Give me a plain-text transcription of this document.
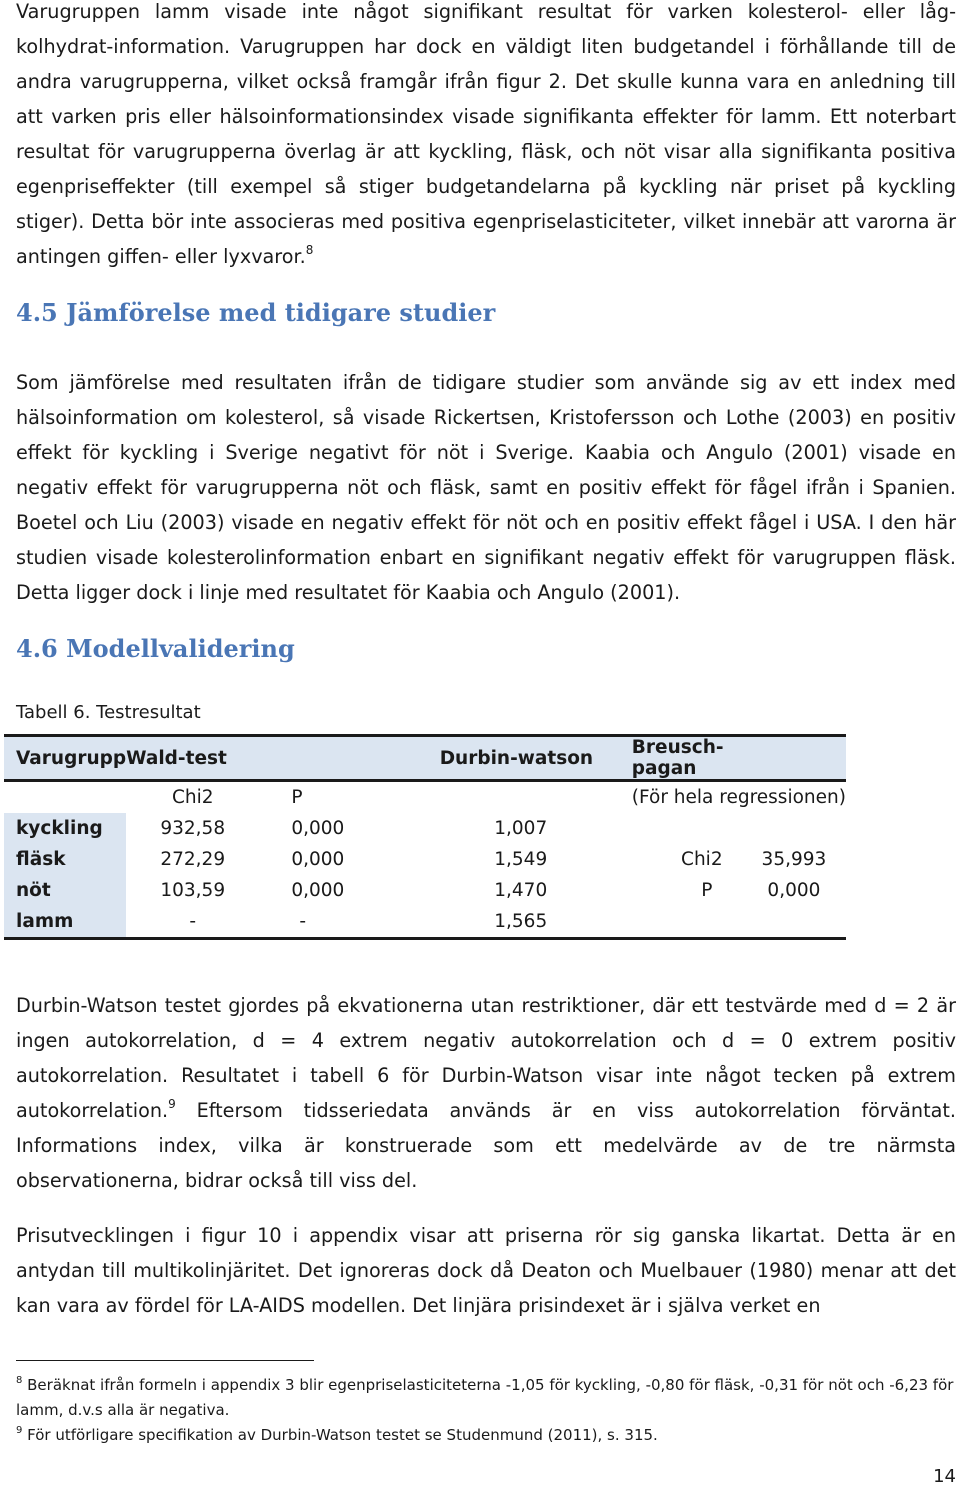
Varugruppen lamm visade inte något signifikant resultat för varken kolesterol- eller låg-kolhydrat-information. Varugruppen har dock en väldigt liten budgetandel i förhållande till de andra varugrupperna, vilket också framgår ifrån figur 2. Det skulle kunna vara en anledning till att varken pris eller hälsoinformationsindex visade signifikanta effekter för lamm. Ett noterbart resultat för varugrupperna överlag är att kyckling, fläsk, och nöt visar alla signifikanta positiva egenpriseffekter (till exempel så stiger budgetandelarna på kyckling när priset på kyckling stiger). Detta bör inte associeras med positiva egenpriselasticiteter, vilket innebär att varorna är antingen giffen- eller lyxvaror.$^8$

4.5 Jämförelse med tidigare studier

Som jämförelse med resultaten ifrån de tidigare studier som använde sig av ett index med hälsoinformation om kolesterol, så visade Rickertsen, Kristofersson och Lothe (2003) en positiv effekt för kyckling i Sverige negativt för nöt i Sverige. Kaabia och Angulo (2001) visade en negativ effekt för varugrupperna nöt och fläsk, samt en positiv effekt för fågel ifrån i Spanien. Boetel och Liu (2003) visade en negativ effekt för nöt och en positiv effekt fågel i USA. I den här studien visade kolesterolinformation enbart en signifikant negativ effekt för varugruppen fläsk. Detta ligger dock i linje med resultatet för Kaabia och Angulo (2001).

4.6 Modellvalidering
Tabell 6. Testresultat
Varugrupp	Wald-test		Durbin-watson	Breusch-pagan	
	Chi2	P		(För hela regressionen)	
kyckling	932,58	0,000	1,007		
fläsk	272,29	0,000	1,549	Chi2	35,993
nöt	103,59	0,000	1,470	P	0,000
lamm	-	-	1,565		

Durbin-Watson testet gjordes på ekvationerna utan restriktioner, där ett testvärde med d = 2 är ingen autokorrelation, d = 4 extrem negativ autokorrelation och d = 0 extrem positiv autokorrelation. Resultatet i tabell 6 för Durbin-Watson visar inte något tecken på extrem autokorrelation.$^9$ Eftersom tidsseriedata används är en viss autokorrelation förväntat. Informations index, vilka är konstruerade som ett medelvärde av de tre närmsta observationerna, bidrar också till viss del.

Prisutvecklingen i figur 10 i appendix visar att priserna rör sig ganska likartat. Detta är en antydan till multikolinjäritet. Det ignoreras dock då Deaton och Muelbauer (1980) menar att det kan vara av fördel för LA-AIDS modellen. Det linjära prisindexet är i själva verket en

$^8$ Beräknat ifrån formeln i appendix 3 blir egenpriselasticiteterna -1,05 för kyckling, -0,80 för fläsk, -0,31 för nöt och -6,23 för lamm, d.v.s alla är negativa.

$^9$ För utförligare specifikation av Durbin-Watson testet se Studenmund (2011), s. 315.

14
